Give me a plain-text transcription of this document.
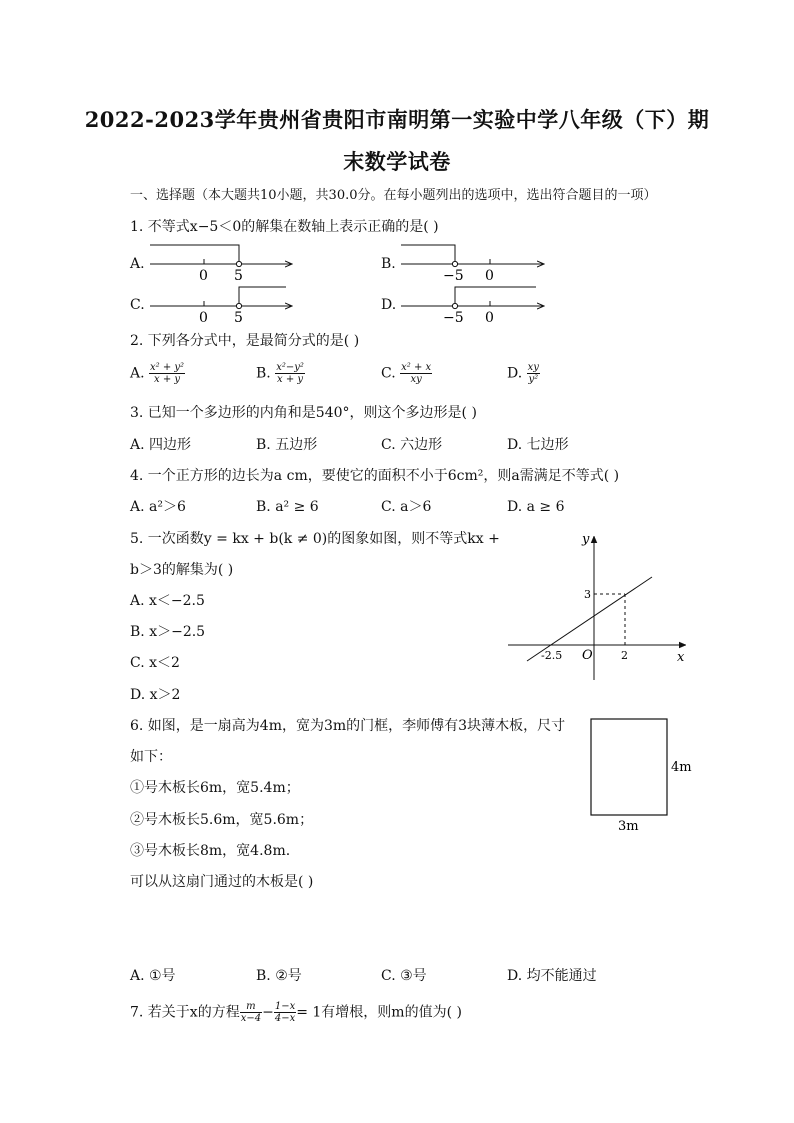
2022-2023学年贵州省贵阳市南明第一实验中学八年级（下）期
末数学试卷
一、选择题（本大题共10小题，共30.0分。在每小题列出的选项中，选出符合题目的一项）
1. 不等式x−5＜0的解集在数轴上表示正确的是( )
A.	B.
C.	D.
0 5	−5 0
0 5	−5 0
2. 下列各分式中，是最简分式的是( )
A. $\frac{\text{x² + y²}}{x + y}$	B. $\frac{\text{x²−y²}}{x + y}$	C. $\frac{\text{x² + x}}{xy}$	D. $\frac{xy}{\text{y²}}$
3. 已知一个多边形的内角和是540°，则这个多边形是( )
A. 四边形	B. 五边形	C. 六边形	D. 七边形
4. 一个正方形的边长为a cm，要使它的面积不小于6cm²，则a需满足不等式( )
A. a²＞6	B. a² ≥ 6	C. a＞6	D. a ≥ 6
5. 一次函数y = kx + b(k ≠ 0)的图象如图，则不等式kx +
b＞3的解集为( )
A. x＜−2.5
B. x＞−2.5
C. x＜2
D. x＞2
y
x
O
3
-2.5	2
6. 如图，是一扇高为4m，宽为3m的门框，李师傅有3块薄木板，尺寸
如下：
①号木板长6m，宽5.4m；
②号木板长5.6m，宽5.6m；
③号木板长8m，宽4.8m.
可以从这扇门通过的木板是( )
A. ①号	B. ②号	C. ③号	D. 均不能通过
4m
3m
7. 若关于x的方程 $\frac{m}{x-4} - \frac{1-x}{4-x} = 1$有增根，则m的值为( )
